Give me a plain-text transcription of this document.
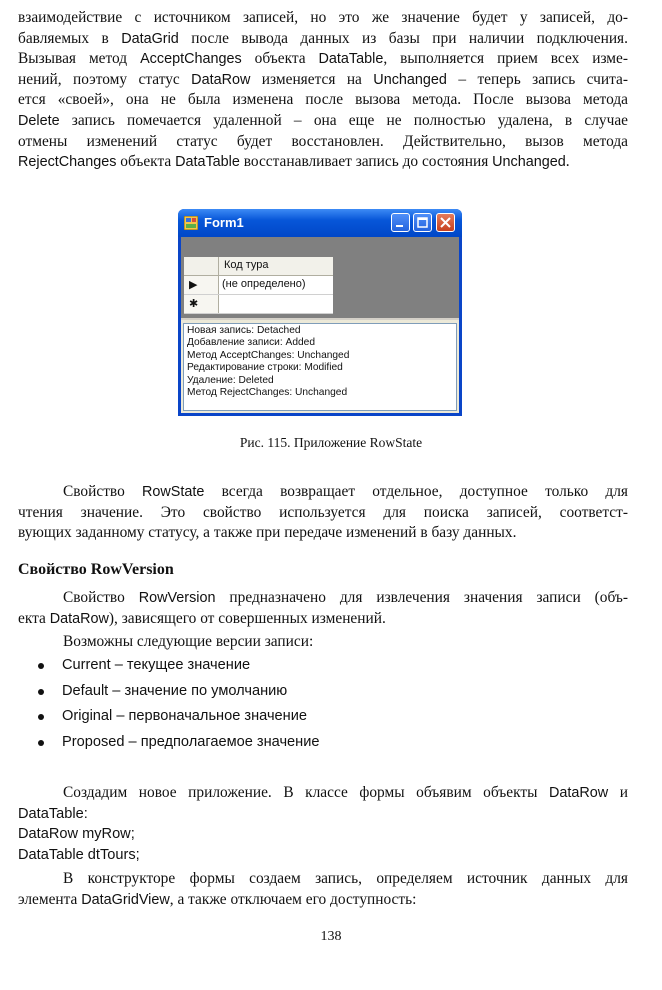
взаимодействие с источником записей, но это же значение будет у записей, до-
бавляемых в DataGrid после вывода данных из базы при наличии подключения.
Вызывая метод AcceptChanges объекта DataTable, выполняется прием всех изме-
нений, поэтому статус DataRow изменяется на Unchanged – теперь запись счита-
ется «своей», она не была изменена после вызова метода. После вызова метода
Delete запись помечается удаленной – она еще не полностью удалена, в случае
отмены изменений статус будет восстановлен. Действительно, вызов метода
RejectChanges объекта DataTable восстанавливает запись до состояния Unchanged.
Form1
Код тура
▶ (не определено)
✱
Новая запись: Detached
Добавление записи: Added
Метод AcceptChanges: Unchanged
Редактирование строки: Modified
Удаление: Deleted
Метод RejectChanges: Unchanged
Рис. 115. Приложение RowState
Свойство RowState всегда возвращает отдельное, доступное только для
чтения значение. Это свойство используется для поиска записей, соответст-
вующих заданному статусу, а также при передаче изменений в базу данных.
Свойство RowVersion
Свойство RowVersion предназначено для извлечения значения записи (объ-
екта DataRow), зависящего от совершенных изменений.
Возможны следующие версии записи:
Current – текущее значение
Default – значение по умолчанию
Original – первоначальное значение
Proposed – предполагаемое значение
Создадим новое приложение. В классе формы объявим объекты DataRow и
DataTable:
DataRow myRow;
DataTable dtTours;
В конструкторе формы создаем запись, определяем источник данных для
элемента DataGridView, а также отключаем его доступность:
138
